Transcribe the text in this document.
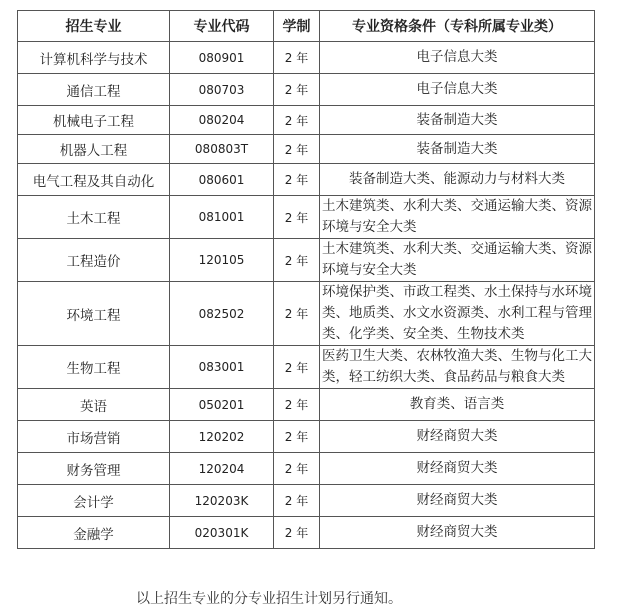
招生专业	专业代码	学制	专业资格条件（专科所属专业类）
计算机科学与技术	080901	2 年	电子信息大类
通信工程	080703	2 年	电子信息大类
机械电子工程	080204	2 年	装备制造大类
机器人工程	080803T	2 年	装备制造大类
电气工程及其自动化	080601	2 年	装备制造大类、能源动力与材料大类
土木工程	081001	2 年	土木建筑类、水利大类、交通运输大类、资源环境与安全大类
工程造价	120105	2 年	土木建筑类、水利大类、交通运输大类、资源环境与安全大类
环境工程	082502	2 年	环境保护类、市政工程类、水土保持与水环境类、地质类、水文水资源类、水利工程与管理类、化学类、安全类、生物技术类
生物工程	083001	2 年	医药卫生大类、农林牧渔大类、生物与化工大类，轻工纺织大类、食品药品与粮食大类
英语	050201	2 年	教育类、语言类
市场营销	120202	2 年	财经商贸大类
财务管理	120204	2 年	财经商贸大类
会计学	120203K	2 年	财经商贸大类
金融学	020301K	2 年	财经商贸大类

以上招生专业的分专业招生计划另行通知。
